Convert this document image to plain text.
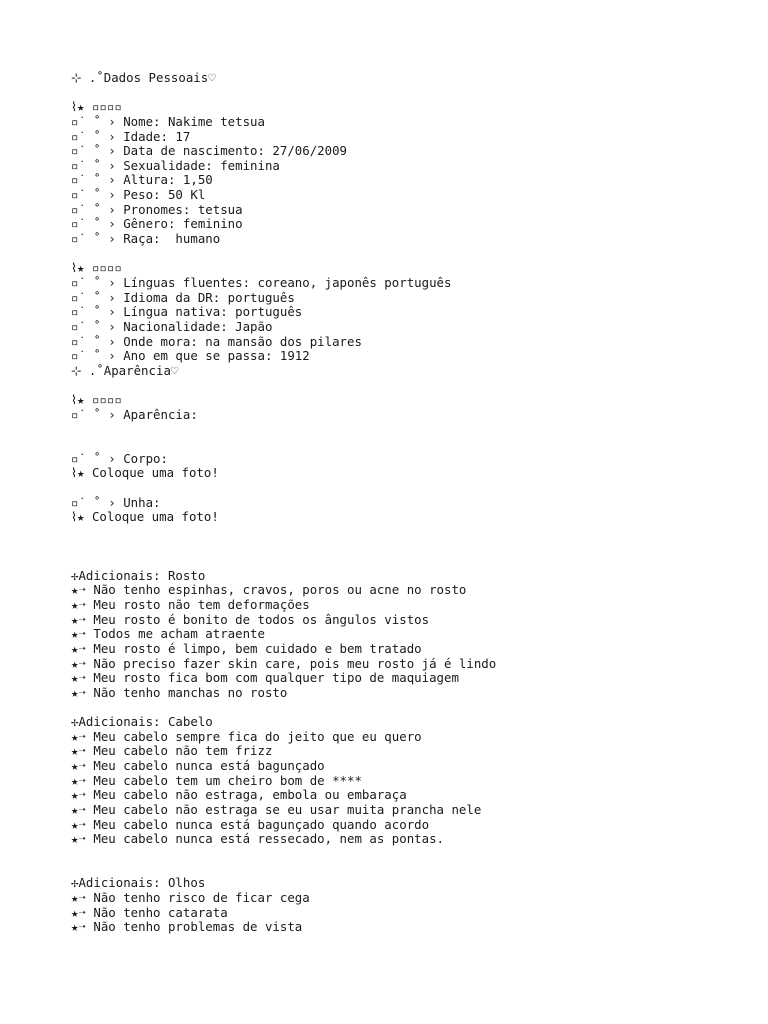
⊹ .˚Dados Pessoais♡
⌇★ ▫▫▫▫
▫˙ ˚ › Nome: Nakime tetsua
▫˙ ˚ › Idade: 17
▫˙ ˚ › Data de nascimento: 27/06/2009
▫˙ ˚ › Sexualidade: feminina
▫˙ ˚ › Altura: 1,50
▫˙ ˚ › Peso: 50 Kl
▫˙ ˚ › Pronomes: tetsua
▫˙ ˚ › Gênero: feminino
▫˙ ˚ › Raça:  humano
⌇★ ▫▫▫▫
▫˙ ˚ › Línguas fluentes: coreano, japonês português
▫˙ ˚ › Idioma da DR: português
▫˙ ˚ › Língua nativa: português
▫˙ ˚ › Nacionalidade: Japão
▫˙ ˚ › Onde mora: na mansão dos pilares
▫˙ ˚ › Ano em que se passa: 1912
⊹ .˚Aparência♡
⌇★ ▫▫▫▫
▫˙ ˚ › Aparência:
▫˙ ˚ › Corpo:
⌇★ Coloque uma foto!
▫˙ ˚ › Unha:
⌇★ Coloque uma foto!
✢Adicionais: Rosto
★➝ Não tenho espinhas, cravos, poros ou acne no rosto
★➝ Meu rosto não tem deformações
★➝ Meu rosto é bonito de todos os ângulos vistos
★➝ Todos me acham atraente
★➝ Meu rosto é limpo, bem cuidado e bem tratado
★➝ Não preciso fazer skin care, pois meu rosto já é lindo
★➝ Meu rosto fica bom com qualquer tipo de maquiagem
★➝ Não tenho manchas no rosto
✢Adicionais: Cabelo
★➝ Meu cabelo sempre fica do jeito que eu quero
★➝ Meu cabelo não tem frizz
★➝ Meu cabelo nunca está bagunçado
★➝ Meu cabelo tem um cheiro bom de ****
★➝ Meu cabelo não estraga, embola ou embaraça
★➝ Meu cabelo não estraga se eu usar muita prancha nele
★➝ Meu cabelo nunca está bagunçado quando acordo
★➝ Meu cabelo nunca está ressecado, nem as pontas.
✢Adicionais: Olhos
★➝ Não tenho risco de ficar cega
★➝ Não tenho catarata
★➝ Não tenho problemas de vista
